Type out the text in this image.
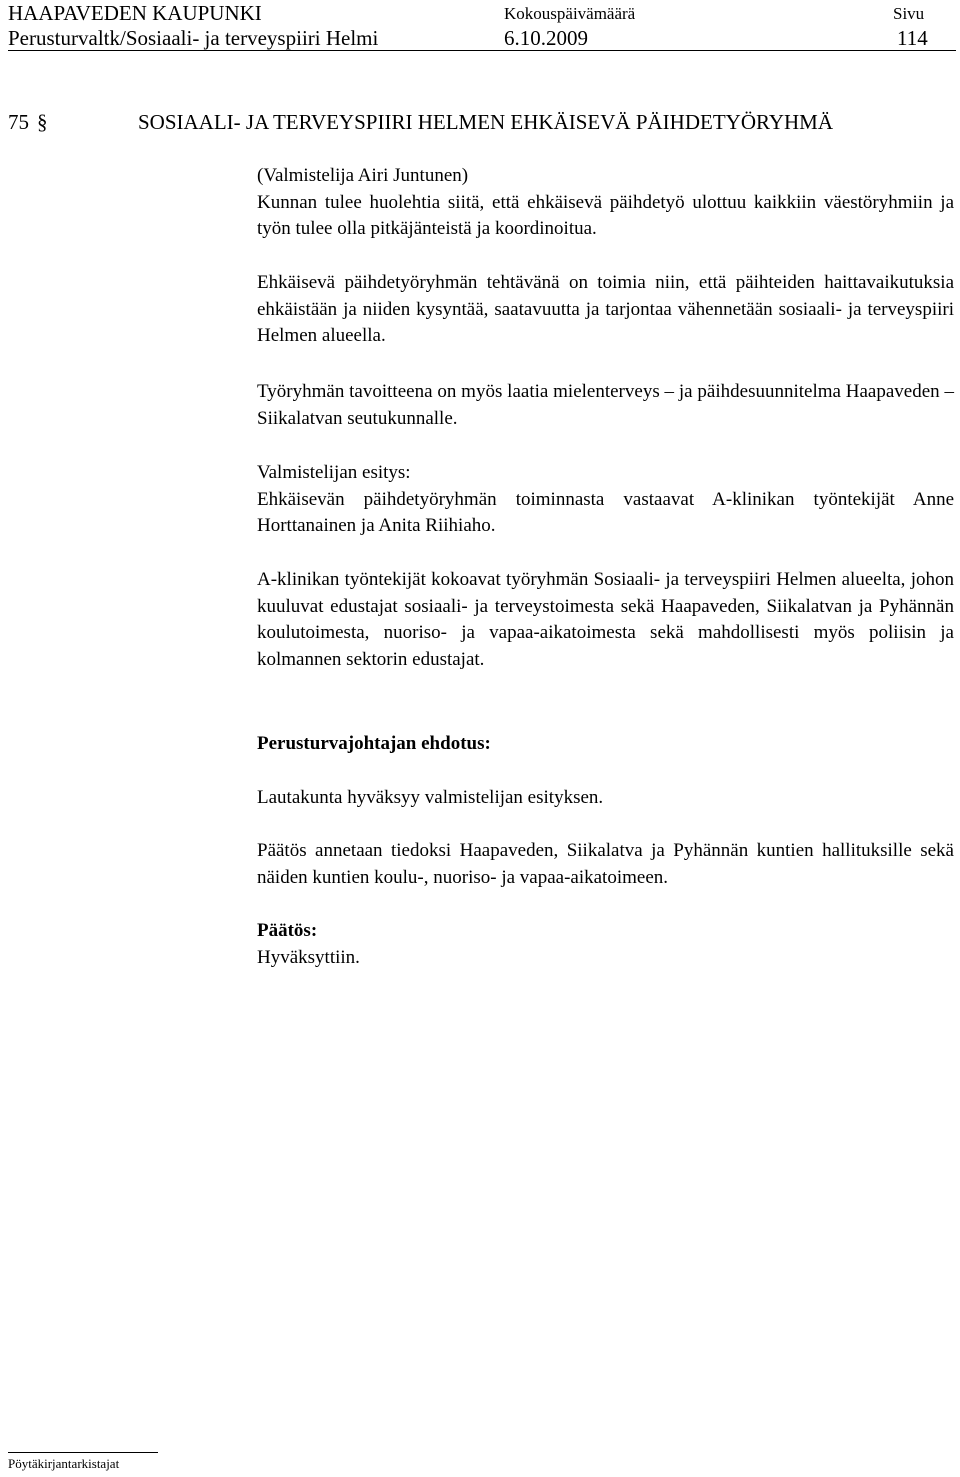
HAAPAVEDEN KAUPUNKI	Kokouspäivämäärä	Sivu
Perusturvaltk/Sosiaali- ja terveyspiiri Helmi	6.10.2009	114
75 §	SOSIAALI- JA TERVEYSPIIRI HELMEN EHKÄISEVÄ PÄIHDETYÖRYHMÄ

(Valmistelija Airi Juntunen)

Kunnan tulee huolehtia siitä, että ehkäisevä päihdetyö ulottuu kaikkiin väestöryhmiin ja työn tulee olla pitkäjänteistä ja koordinoitua.

Ehkäisevä päihdetyöryhmän tehtävänä on toimia niin, että päihteiden haittavaikutuksia ehkäistään ja niiden kysyntää, saatavuutta ja tarjontaa vähennetään sosiaali- ja terveyspiiri Helmen alueella.

Työryhmän tavoitteena on myös laatia mielenterveys – ja päihdesuunnitelma Haapaveden – Siikalatvan seutukunnalle.

Valmistelijan esitys:

Ehkäisevän päihdetyöryhmän toiminnasta vastaavat A-klinikan työntekijät Anne Horttanainen ja Anita Riihiaho.

A-klinikan työntekijät kokoavat työryhmän Sosiaali- ja terveyspiiri Helmen alueelta, johon kuuluvat edustajat sosiaali- ja terveystoimesta sekä Haapaveden, Siikalatvan ja Pyhännän koulutoimesta, nuoriso- ja vapaa-aikatoimesta sekä mahdollisesti myös poliisin ja kolmannen sektorin edustajat.

Perusturvajohtajan ehdotus:

Lautakunta hyväksyy valmistelijan esityksen.

Päätös annetaan tiedoksi Haapaveden, Siikalatva ja Pyhännän kuntien hallituksille sekä näiden kuntien koulu-, nuoriso- ja vapaa-aikatoimeen.

Päätös:

Hyväksyttiin.

Pöytäkirjantarkistajat
